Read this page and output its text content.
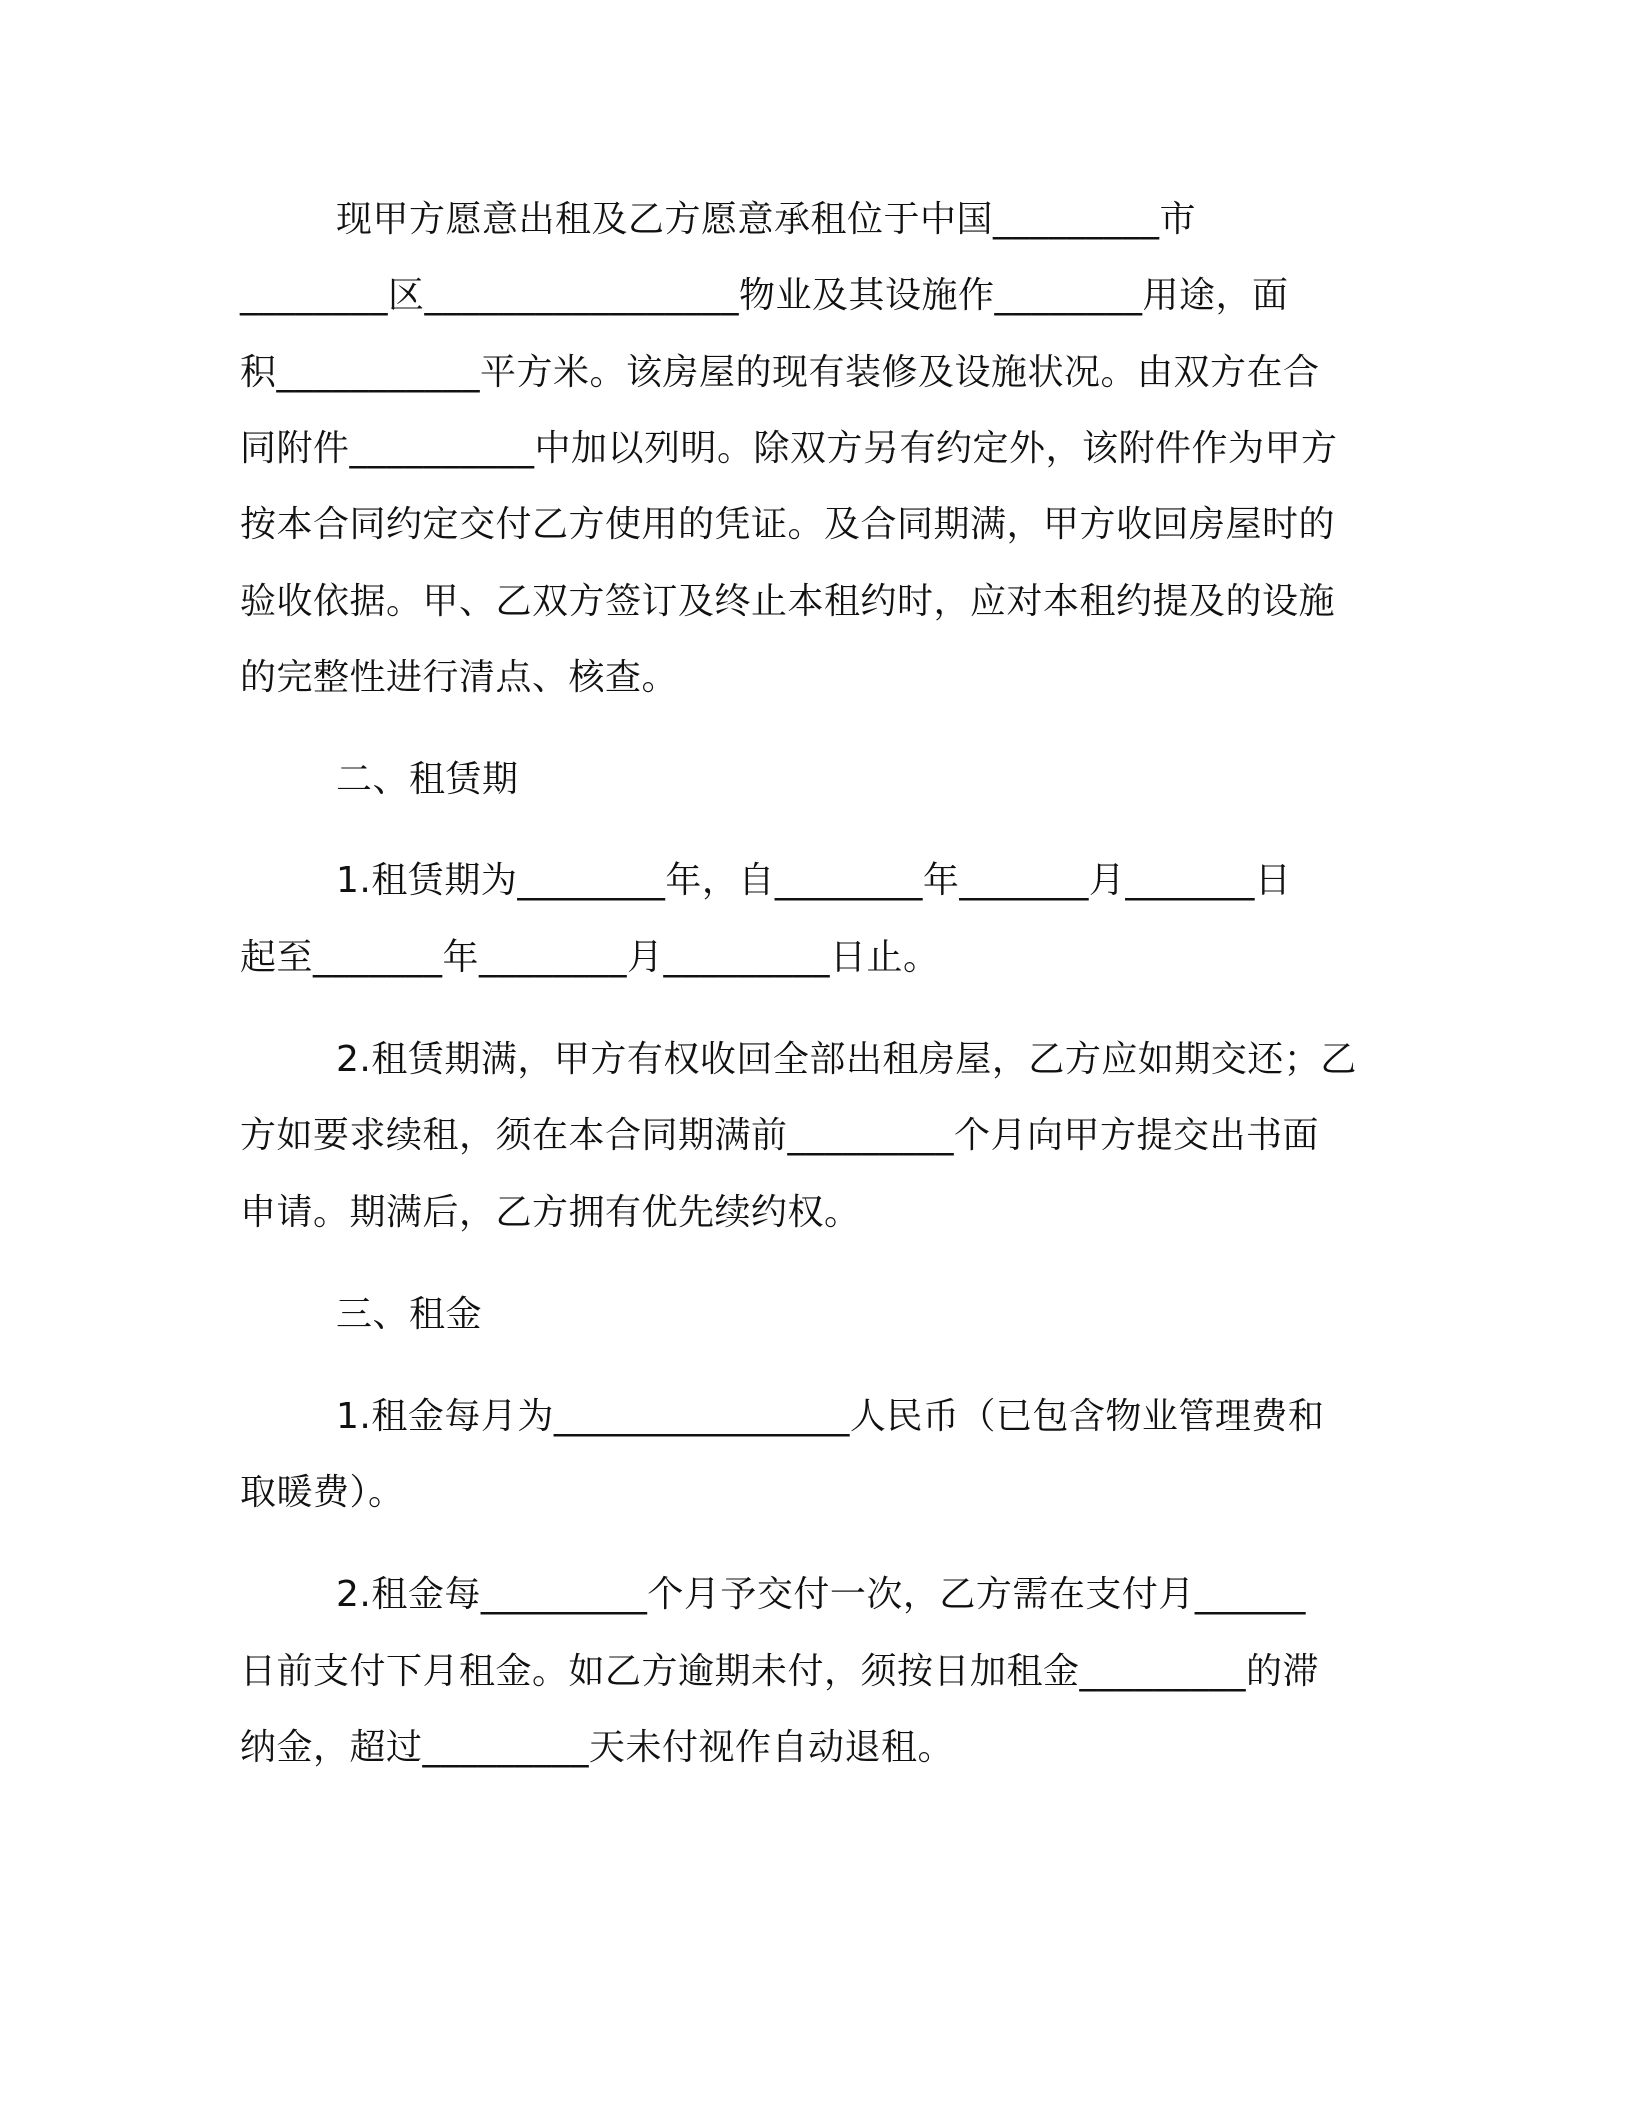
现甲方愿意出租及乙方愿意承租位于中国_________市
________区_________________物业及其设施作________用途，面
积___________平方米。该房屋的现有装修及设施状况。由双方在合
同附件__________中加以列明。除双方另有约定外，该附件作为甲方
按本合同约定交付乙方使用的凭证。及合同期满，甲方收回房屋时的
验收依据。甲、乙双方签订及终止本租约时，应对本租约提及的设施
的完整性进行清点、核查。
二、租赁期
1.租赁期为________年，自________年_______月_______日
起至_______年________月_________日止。
2.租赁期满，甲方有权收回全部出租房屋，乙方应如期交还；乙
方如要求续租，须在本合同期满前_________个月向甲方提交出书面
申请。期满后，乙方拥有优先续约权。
三、租金
1.租金每月为________________人民币（已包含物业管理费和
取暖费）。
2.租金每_________个月予交付一次，乙方需在支付月______
日前支付下月租金。如乙方逾期未付，须按日加租金_________的滞
纳金，超过_________天未付视作自动退租。
